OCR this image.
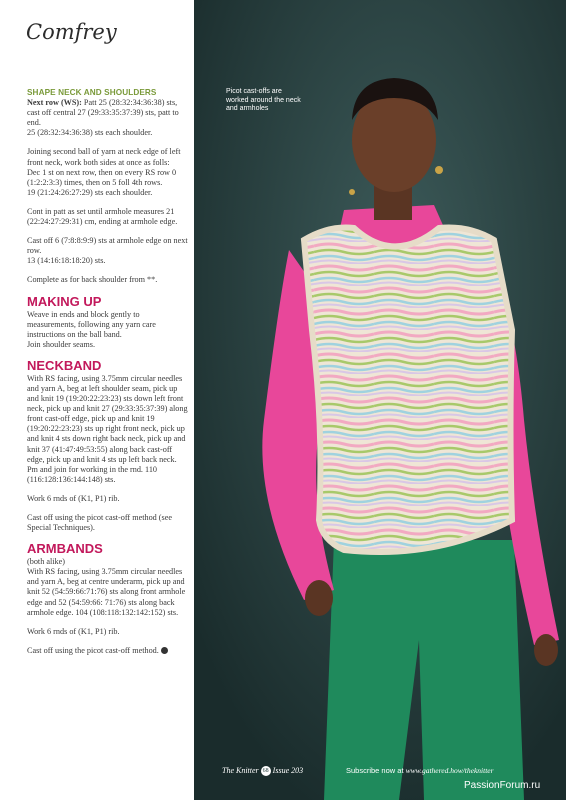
Comfrey
SHAPE NECK AND SHOULDERS

Next row (WS): Patt 25 (28:32:34:36:38) sts, cast off central 27 (29:33:35:37:39) sts, patt to end.
25 (28:32:34:36:38) sts each shoulder.

Joining second ball of yarn at neck edge of left front neck, work both sides at once as folls:
Dec 1 st on next row, then on every RS row 0 (1:2:2:3:3) times, then on 5 foll 4th rows.
19 (21:24:26:27:29) sts each shoulder.

Cont in patt as set until armhole measures 21 (22:24:27:29:31) cm, ending at armhole edge.

Cast off 6 (7:8:8:9:9) sts at armhole edge on next row.
13 (14:16:18:18:20) sts.

Complete as for back shoulder from **.

MAKING UP

Weave in ends and block gently to measurements, following any yarn care instructions on the ball band.
Join shoulder seams.

NECKBAND

With RS facing, using 3.75mm circular needles and yarn A, beg at left shoulder seam, pick up and knit 19 (19:20:22:23:23) sts down left front neck, pick up and knit 27 (29:33:35:37:39) along front cast-off edge, pick up and knit 19 (19:20:22:23:23) sts up right front neck, pick up and knit 4 sts down right back neck, pick up and knit 37 (41:47:49:53:55) along back cast-off edge, pick up and knit 4 sts up left back neck. Pm and join for working in the rnd. 110 (116:128:136:144:148) sts.

Work 6 rnds of (K1, P1) rib.

Cast off using the picot cast-off method (see Special Techniques).

ARMBANDS
(both alike)

With RS facing, using 3.75mm circular needles and yarn A, beg at centre underarm, pick up and knit 52 (54:59:66:71:76) sts along front armhole edge and 52 (54:59:66: 71:76) sts along back armhole edge. 104 (108:118:132:142:152) sts.

Work 6 rnds of (K1, P1) rib.

Cast off using the picot cast-off method.

Picot cast-offs are worked around the neck and armholes
The Knitter 68 Issue 203	Subscribe now at www.gathered.how/theknitter
PassionForum.ru
